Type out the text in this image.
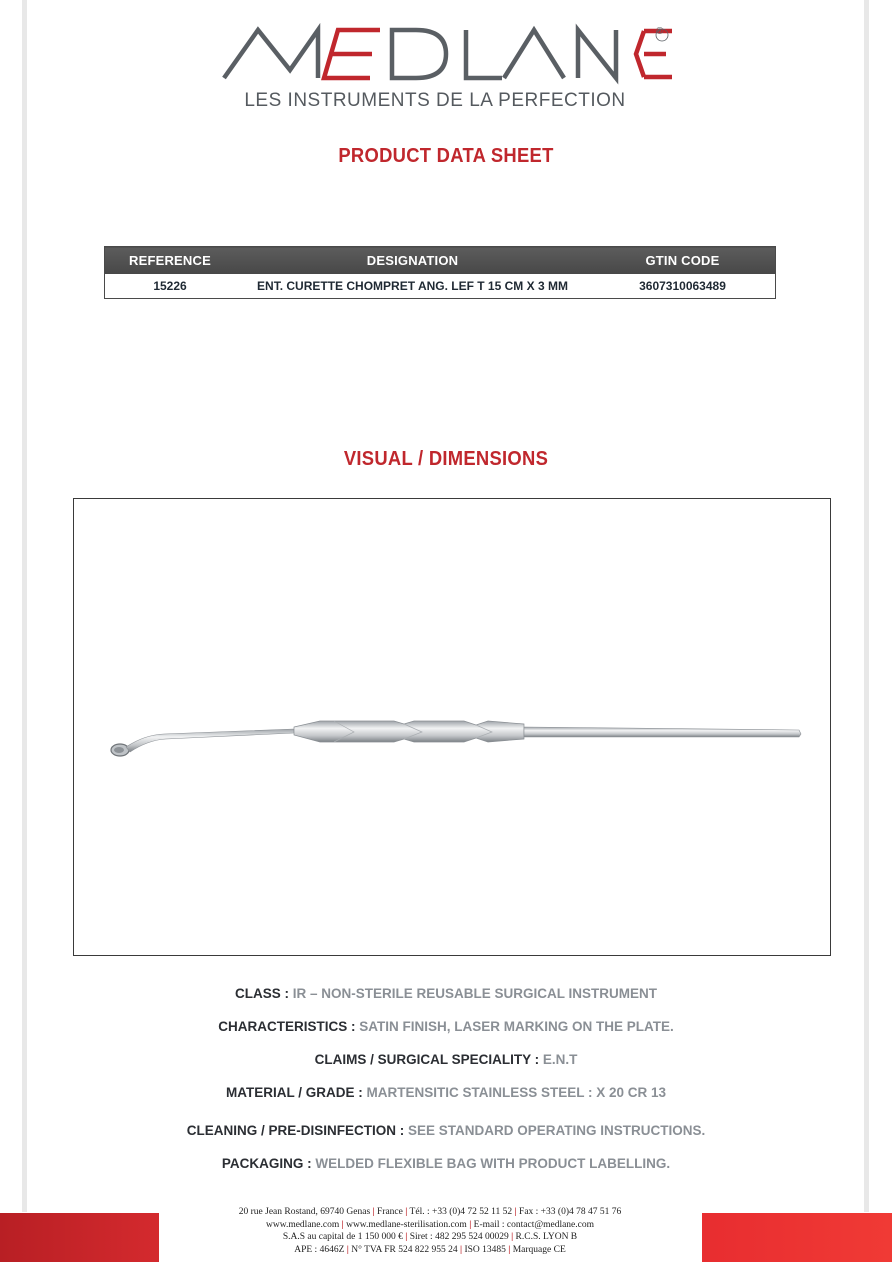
®
LES INSTRUMENTS DE LA PERFECTION
PRODUCT DATA SHEET
REFERENCE	DESIGNATION	GTIN CODE
15226	ENT. CURETTE CHOMPRET ANG. LEF T 15 CM X 3 MM	3607310063489
VISUAL / DIMENSIONS
CLASS : IR – NON-STERILE REUSABLE SURGICAL INSTRUMENT
CHARACTERISTICS : SATIN FINISH, LASER MARKING ON THE PLATE.
CLAIMS / SURGICAL SPECIALITY : E.N.T
MATERIAL / GRADE : MARTENSITIC STAINLESS STEEL : X 20 CR 13
CLEANING / PRE-DISINFECTION : SEE STANDARD OPERATING INSTRUCTIONS.
PACKAGING : WELDED FLEXIBLE BAG WITH PRODUCT LABELLING.
20 rue Jean Rostand, 69740 Genas | France | Tél. : +33 (0)4 72 52 11 52 | Fax : +33 (0)4 78 47 51 76
www.medlane.com | www.medlane-sterilisation.com | E-mail : contact@medlane.com
S.A.S au capital de 1 150 000 € | Siret : 482 295 524 00029 | R.C.S. LYON B
APE : 4646Z | N° TVA FR 524 822 955 24 | ISO 13485 | Marquage CE
